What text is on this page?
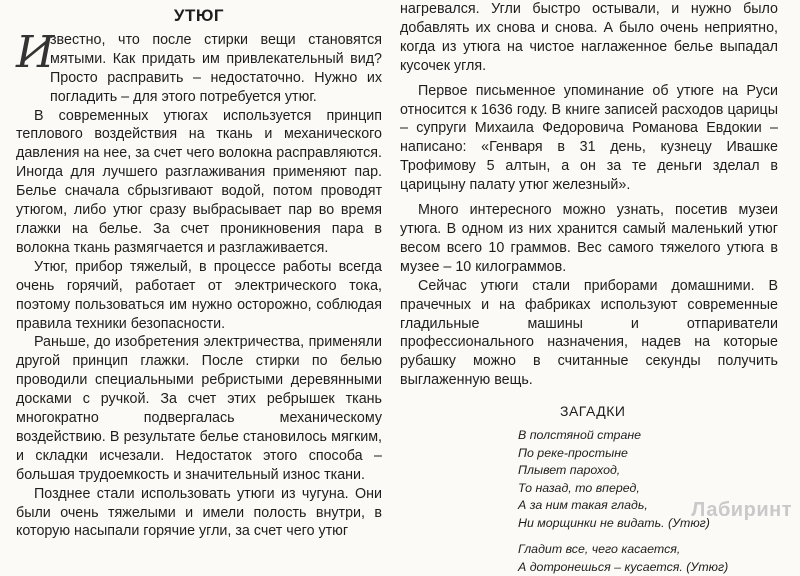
УТЮГ
И
звестно, что после стирки вещи становятся мятыми. Как придать им привлекательный вид? Просто расправить – недостаточно. Нужно их погладить – для этого потребуется утюг.

В современных утюгах используется принцип теплового воздействия на ткань и механического давления на нее, за счет чего волокна расправляются. Иногда для лучшего разглаживания применяют пар. Белье сначала сбрызгивают водой, потом проводят утюгом, либо утюг сразу выбрасывает пар во время глажки на белье. За счет проникновения пара в волокна ткань размягчается и разглаживается.

Утюг, прибор тяжелый, в процессе работы всегда очень горячий, работает от электрического тока, поэтому пользоваться им нужно осторожно, соблюдая правила техники безопасности.

Раньше, до изобретения электричества, применяли другой принцип глажки. После стирки по белью проводили специальными ребристыми деревянными досками с ручкой. За счет этих ребрышек ткань многократно подвергалась механическому воздействию. В результате белье становилось мягким, и складки исчезали. Недостаток этого способа – большая трудоемкость и значительный износ ткани.

Позднее стали использовать утюги из чугуна. Они были очень тяжелыми и имели полость внутри, в которую насыпали горячие угли, за счет чего утюг

нагревался. Угли быстро остывали, и нужно было добавлять их снова и снова. А было очень неприятно, когда из утюга на чистое наглаженное белье выпадал кусочек угля.

Первое письменное упоминание об утюге на Руси относится к 1636 году. В книге записей расходов царицы – супруги Михаила Федоровича Романова Евдокии – написано: «Генваря в 31 день, кузнецу Ивашке Трофимову 5 алтын, а он за те деньги зделал в царицыну палату утюг железный».

Много интересного можно узнать, посетив музеи утюга. В одном из них хранится самый маленький утюг весом всего 10 граммов. Вес самого тяжелого утюга в музее – 10 килограммов.

Сейчас утюги стали приборами домашними. В прачечных и на фабриках используют современные гладильные машины и отпариватели профессионального назначения, надев на которые рубашку можно в считанные секунды получить выглаженную вещь.

ЗАГАДКИ
В полстяной стране
По реке-простыне
Плывет пароход,
То назад, то вперед,
А за ним такая гладь,
Ни морщинки не видать. (Утюг)
Гладит все, чего касается,
А дотронешься – кусается. (Утюг)
Лабиринт
